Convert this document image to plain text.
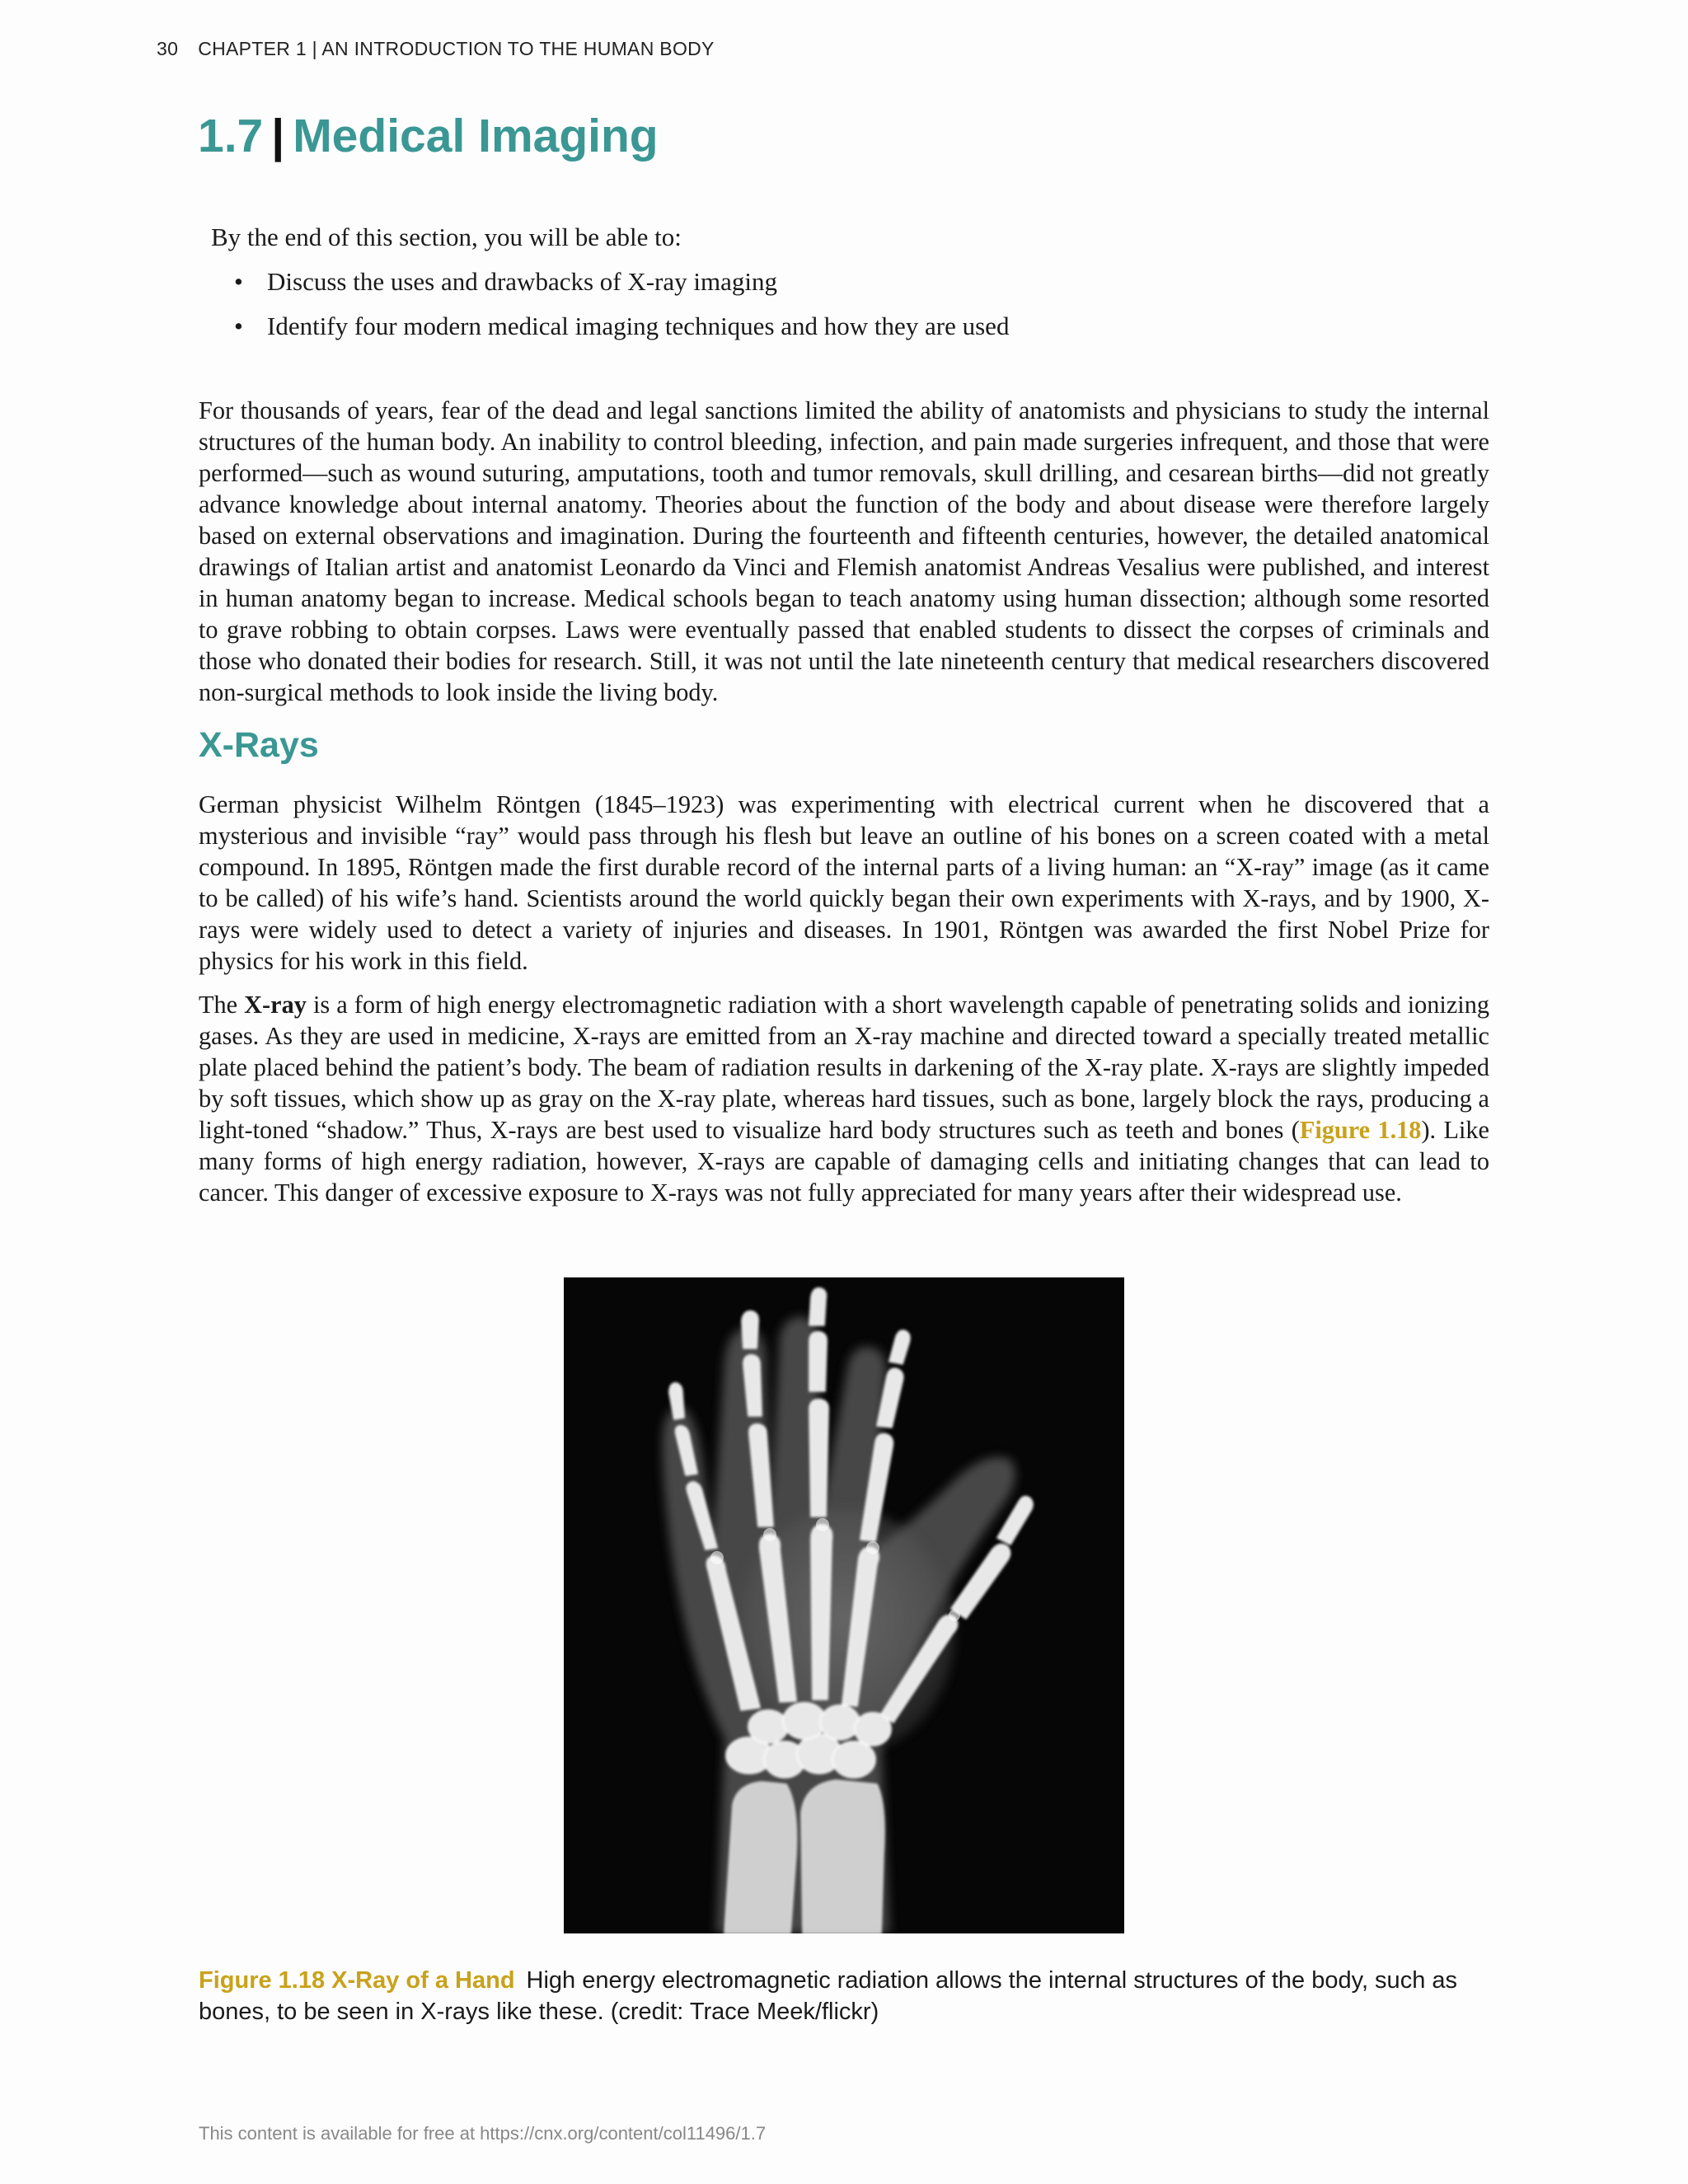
30 CHAPTER 1 | AN INTRODUCTION TO THE HUMAN BODY
1.7 | Medical Imaging
By the end of this section, you will be able to:
• Discuss the uses and drawbacks of X-ray imaging
• Identify four modern medical imaging techniques and how they are used

For thousands of years, fear of the dead and legal sanctions limited the ability of anatomists and physicians to study the internal structures of the human body. An inability to control bleeding, infection, and pain made surgeries infrequent, and those that were performed—such as wound suturing, amputations, tooth and tumor removals, skull drilling, and cesarean births—did not greatly advance knowledge about internal anatomy. Theories about the function of the body and about disease were therefore largely based on external observations and imagination. During the fourteenth and fifteenth centuries, however, the detailed anatomical drawings of Italian artist and anatomist Leonardo da Vinci and Flemish anatomist Andreas Vesalius were published, and interest in human anatomy began to increase. Medical schools began to teach anatomy using human dissection; although some resorted to grave robbing to obtain corpses. Laws were eventually passed that enabled students to dissect the corpses of criminals and those who donated their bodies for research. Still, it was not until the late nineteenth century that medical researchers discovered non-surgical methods to look inside the living body.

X-Rays

German physicist Wilhelm Röntgen (1845–1923) was experimenting with electrical current when he discovered that a mysterious and invisible “ray” would pass through his flesh but leave an outline of his bones on a screen coated with a metal compound. In 1895, Röntgen made the first durable record of the internal parts of a living human: an “X-ray” image (as it came to be called) of his wife’s hand. Scientists around the world quickly began their own experiments with X-rays, and by 1900, X-rays were widely used to detect a variety of injuries and diseases. In 1901, Röntgen was awarded the first Nobel Prize for physics for his work in this field.

The X-ray is a form of high energy electromagnetic radiation with a short wavelength capable of penetrating solids and ionizing gases. As they are used in medicine, X-rays are emitted from an X-ray machine and directed toward a specially treated metallic plate placed behind the patient’s body. The beam of radiation results in darkening of the X-ray plate. X-rays are slightly impeded by soft tissues, which show up as gray on the X-ray plate, whereas hard tissues, such as bone, largely block the rays, producing a light-toned “shadow.” Thus, X-rays are best used to visualize hard body structures such as teeth and bones (Figure 1.18). Like many forms of high energy radiation, however, X-rays are capable of damaging cells and initiating changes that can lead to cancer. This danger of excessive exposure to X-rays was not fully appreciated for many years after their widespread use.

Figure 1.18 X-Ray of a Hand High energy electromagnetic radiation allows the internal structures of the body, such as bones, to be seen in X-rays like these. (credit: Trace Meek/flickr)

This content is available for free at https://cnx.org/content/col11496/1.7
